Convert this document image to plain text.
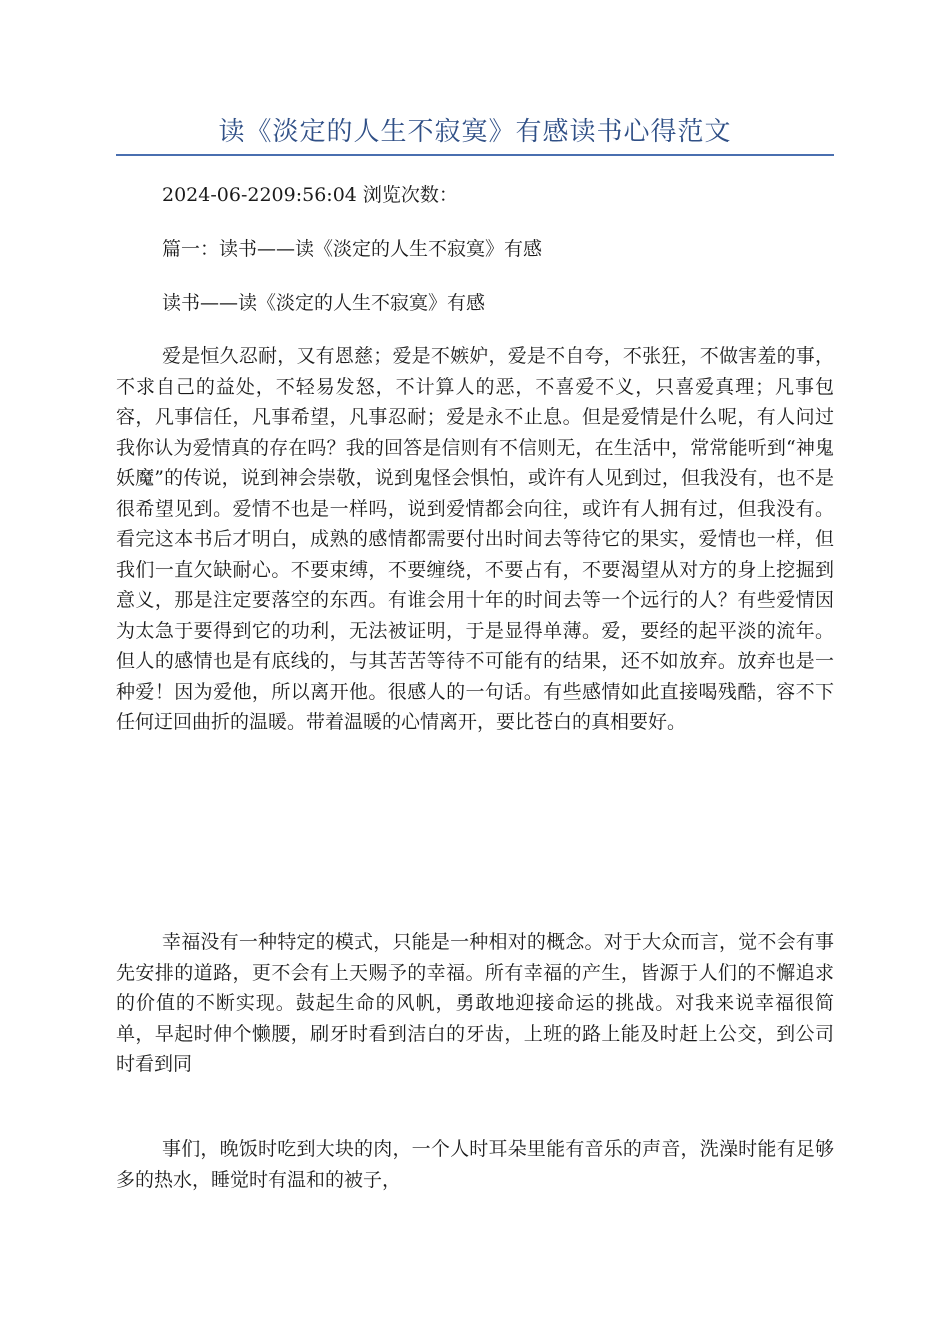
读《淡定的人生不寂寞》有感读书心得范文
2024-06-2209:56:04 浏览次数：
篇一：读书——读《淡定的人生不寂寞》有感
读书——读《淡定的人生不寂寞》有感

爱是恒久忍耐，又有恩慈；爱是不嫉妒，爱是不自夸，不张狂，不做害羞的事，不求自己的益处，不轻易发怒，不计算人的恶，不喜爱不义，只喜爱真理；凡事包容，凡事信任，凡事希望，凡事忍耐；爱是永不止息。但是爱情是什么呢，有人问过我你认为爱情真的存在吗？我的回答是信则有不信则无，在生活中，常常能听到“神鬼妖魔”的传说，说到神会崇敬，说到鬼怪会惧怕，或许有人见到过，但我没有，也不是很希望见到。爱情不也是一样吗，说到爱情都会向往，或许有人拥有过，但我没有。看完这本书后才明白，成熟的感情都需要付出时间去等待它的果实，爱情也一样，但我们一直欠缺耐心。不要束缚，不要缠绕，不要占有，不要渴望从对方的身上挖掘到意义，那是注定要落空的东西。有谁会用十年的时间去等一个远行的人？有些爱情因为太急于要得到它的功利，无法被证明，于是显得单薄。爱，要经的起平淡的流年。但人的感情也是有底线的，与其苦苦等待不可能有的结果，还不如放弃。放弃也是一种爱！因为爱他，所以离开他。很感人的一句话。有些感情如此直接喝残酷，容不下任何迂回曲折的温暖。带着温暖的心情离开，要比苍白的真相要好。

幸福没有一种特定的模式，只能是一种相对的概念。对于大众而言，觉不会有事先安排的道路，更不会有上天赐予的幸福。所有幸福的产生，皆源于人们的不懈追求的价值的不断实现。鼓起生命的风帆，勇敢地迎接命运的挑战。对我来说幸福很简单，早起时伸个懒腰，刷牙时看到洁白的牙齿，上班的路上能及时赶上公交，到公司时看到同

事们，晚饭时吃到大块的肉，一个人时耳朵里能有音乐的声音，洗澡时能有足够多的热水，睡觉时有温和的被子，
